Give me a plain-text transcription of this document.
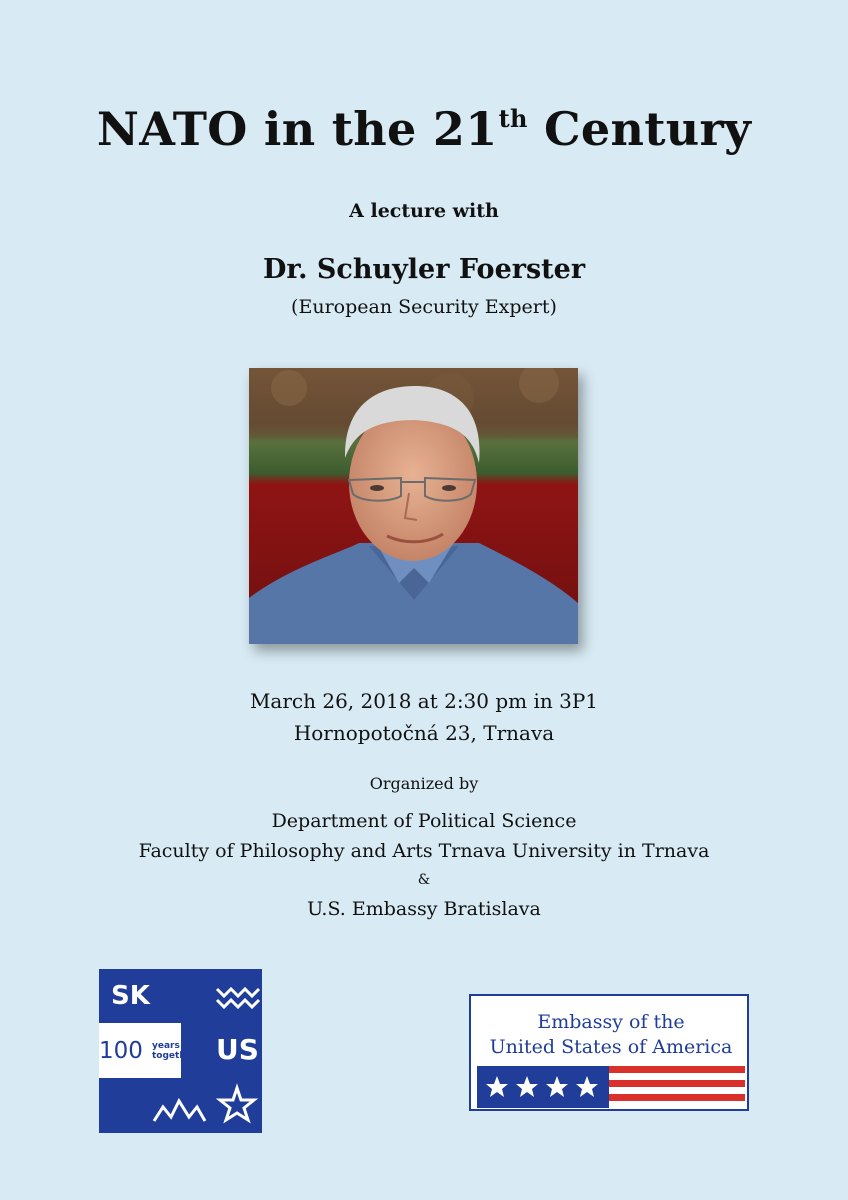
NATO in the 21th Century
A lecture with
Dr. Schuyler Foerster
(European Security Expert)
March 26, 2018 at 2:30 pm in 3P1
Hornopotočná 23, Trnava
Organized by
Department of Political Science
Faculty of Philosophy and Arts Trnava University in Trnava
&
U.S. Embassy Bratislava
SK
US
100 years
together
Embassy of the
United States of America
